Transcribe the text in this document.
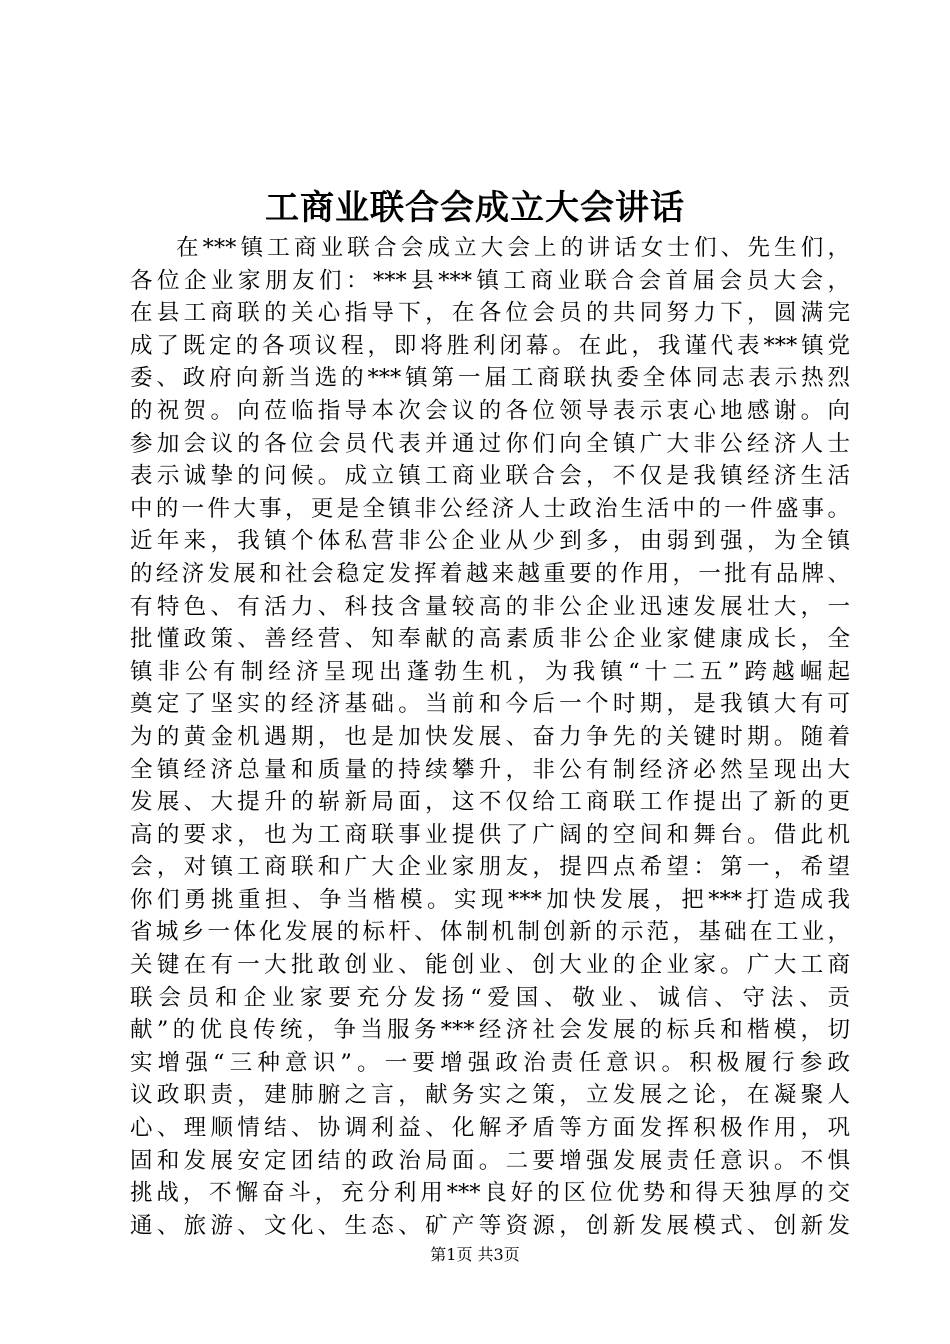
工商业联合会成立大会讲话
在***镇工商业联合会成立大会上的讲话女士们、先生们，
各位企业家朋友们：***县***镇工商业联合会首届会员大会，
在县工商联的关心指导下，在各位会员的共同努力下，圆满完
成了既定的各项议程，即将胜利闭幕。在此，我谨代表***镇党
委、政府向新当选的***镇第一届工商联执委全体同志表示热烈
的祝贺。向莅临指导本次会议的各位领导表示衷心地感谢。向
参加会议的各位会员代表并通过你们向全镇广大非公经济人士
表示诚挚的问候。成立镇工商业联合会，不仅是我镇经济生活
中的一件大事，更是全镇非公经济人士政治生活中的一件盛事。
近年来，我镇个体私营非公企业从少到多，由弱到强，为全镇
的经济发展和社会稳定发挥着越来越重要的作用，一批有品牌、
有特色、有活力、科技含量较高的非公企业迅速发展壮大，一
批懂政策、善经营、知奉献的高素质非公企业家健康成长，全
镇非公有制经济呈现出蓬勃生机，为我镇“十二五”跨越崛起
奠定了坚实的经济基础。当前和今后一个时期，是我镇大有可
为的黄金机遇期，也是加快发展、奋力争先的关键时期。随着
全镇经济总量和质量的持续攀升，非公有制经济必然呈现出大
发展、大提升的崭新局面，这不仅给工商联工作提出了新的更
高的要求，也为工商联事业提供了广阔的空间和舞台。借此机
会，对镇工商联和广大企业家朋友，提四点希望：第一，希望
你们勇挑重担、争当楷模。实现***加快发展，把***打造成我
省城乡一体化发展的标杆、体制机制创新的示范，基础在工业，
关键在有一大批敢创业、能创业、创大业的企业家。广大工商
联会员和企业家要充分发扬“爱国、敬业、诚信、守法、贡
献”的优良传统，争当服务***经济社会发展的标兵和楷模，切
实增强“三种意识”。一要增强政治责任意识。积极履行参政
议政职责，建肺腑之言，献务实之策，立发展之论，在凝聚人
心、理顺情结、协调利益、化解矛盾等方面发挥积极作用，巩
固和发展安定团结的政治局面。二要增强发展责任意识。不惧
挑战，不懈奋斗，充分利用***良好的区位优势和得天独厚的交
通、旅游、文化、生态、矿产等资源，创新发展模式、创新发
第1页 共3页
